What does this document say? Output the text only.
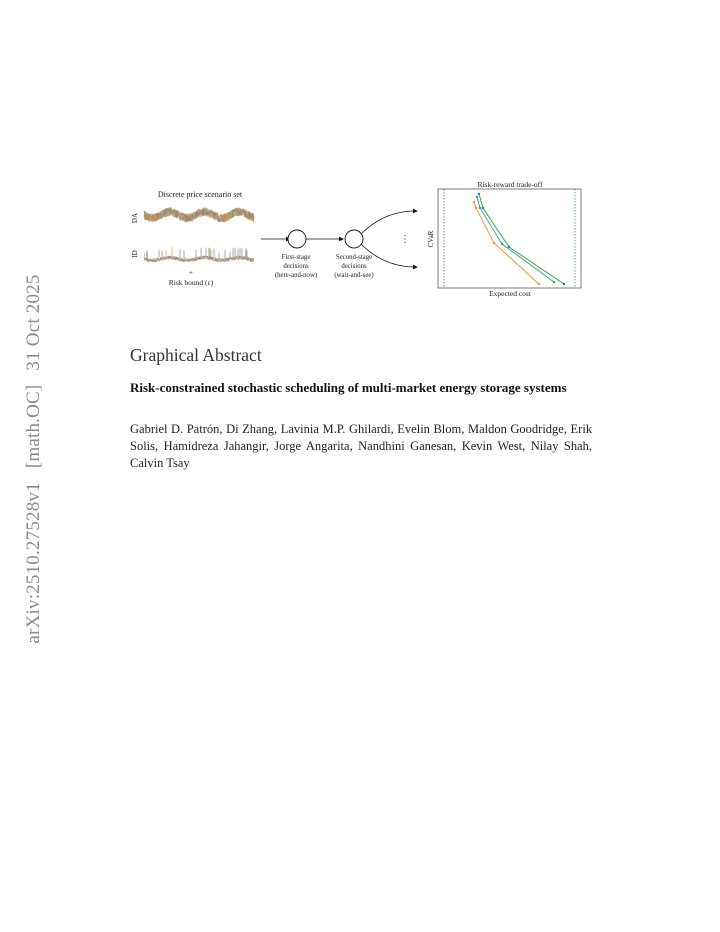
arXiv:2510.27528v1[math.OC]31 Oct 2025
Discrete price scenario set
DA
ID
+
Risk bound (ε)
First-stage
decisions
(here-and-now)
Second-stage
decisions
(wait-and-see)
⋮
Risk-reward trade-off
CVaR
Expected cost
Graphical Abstract
Risk-constrained stochastic scheduling of multi-market energy storage systems
Gabriel D. Patrón, Di Zhang, Lavinia M.P. Ghilardi, Evelin Blom, Maldon Goodridge, Erik Solis, Hamidreza Jahangir, Jorge Angarita, Nandhini Ganesan, Kevin West, Nilay Shah, Calvin Tsay
